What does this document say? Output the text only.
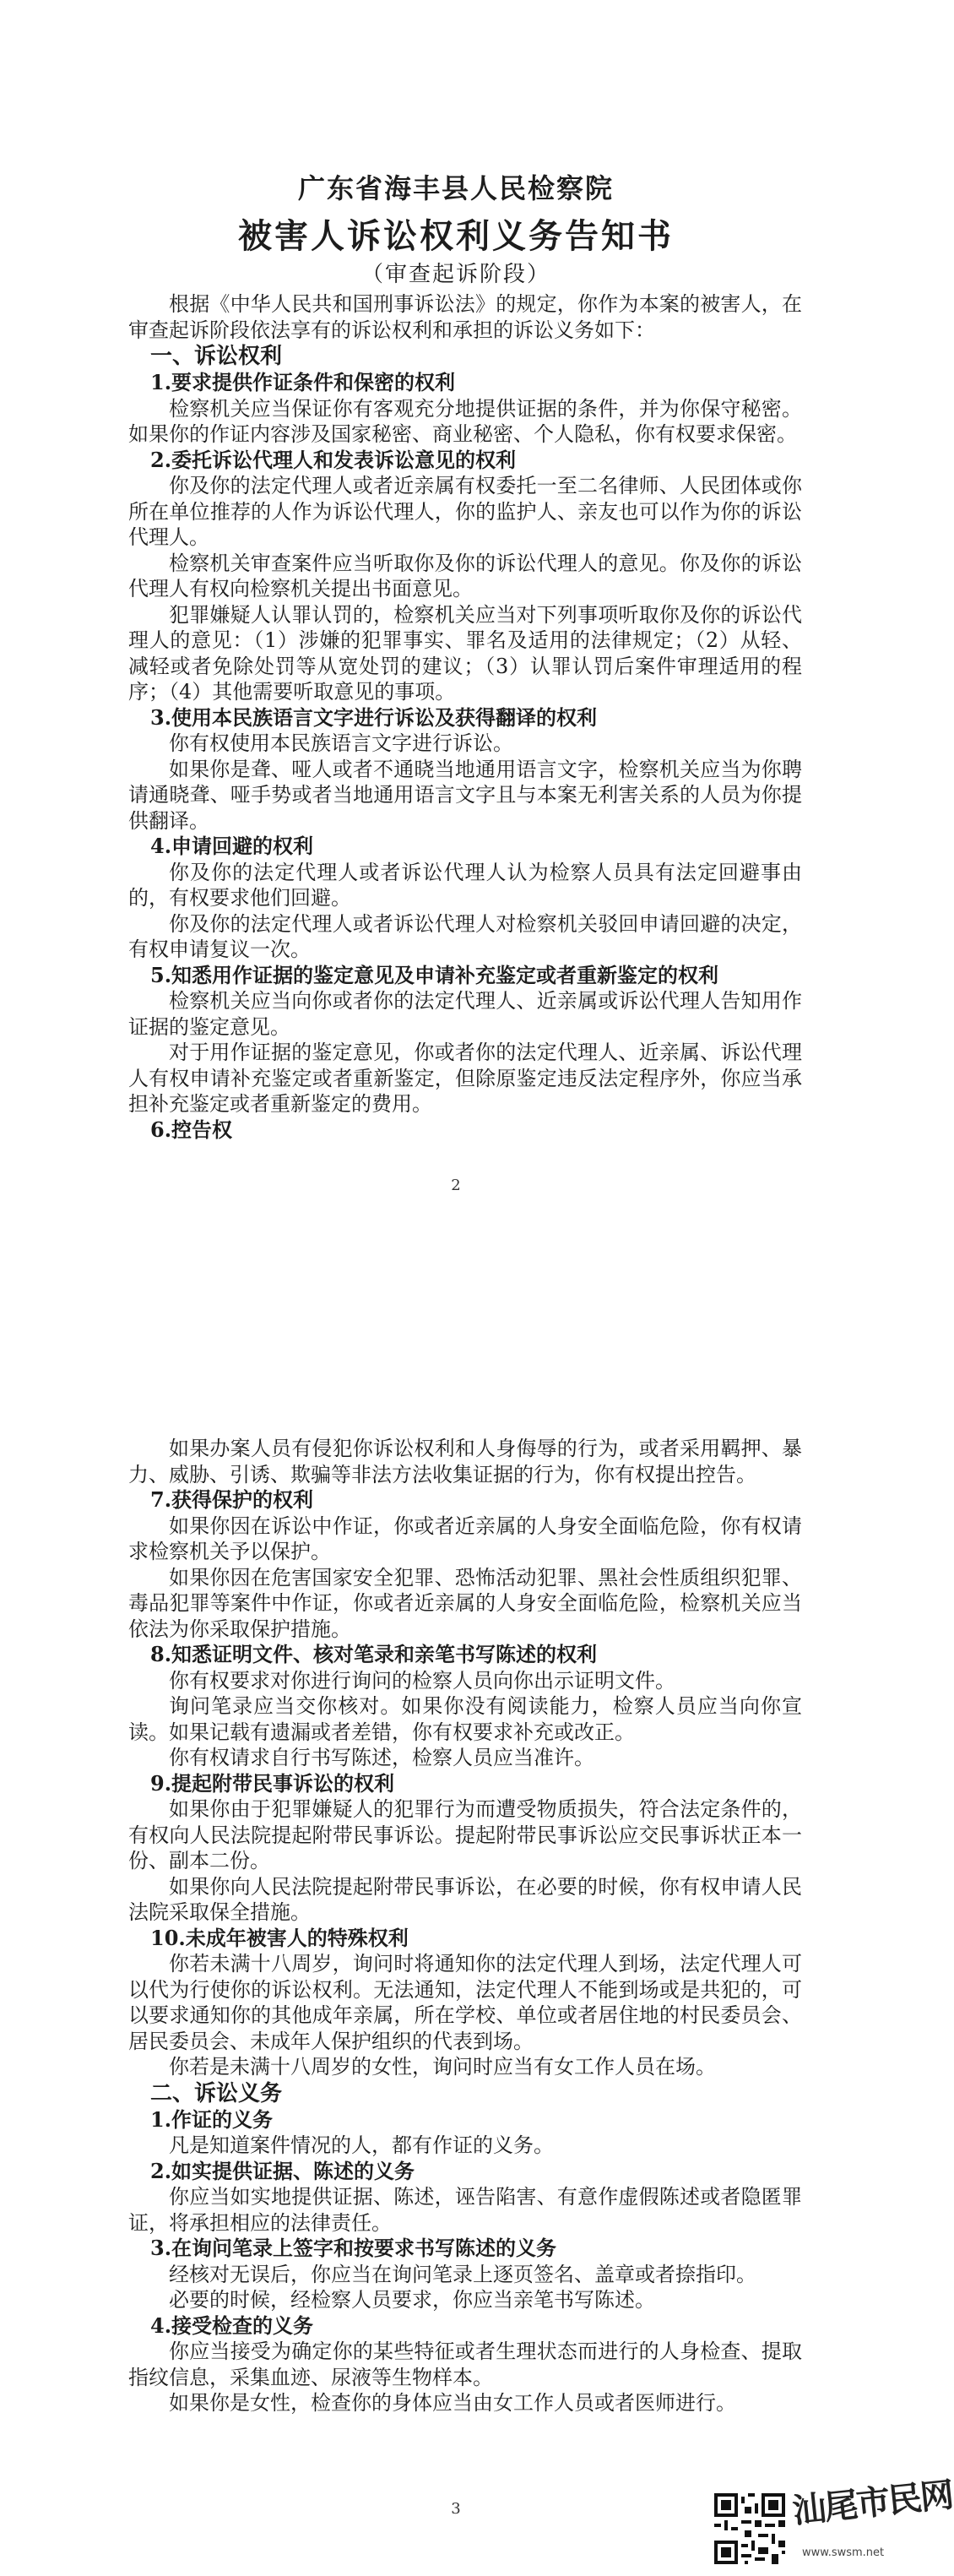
广东省海丰县人民检察院
被害人诉讼权利义务告知书
（审查起诉阶段）

根据《中华人民共和国刑事诉讼法》的规定，你作为本案的被害人，在审查起诉阶段依法享有的诉讼权利和承担的诉讼义务如下：

一、诉讼权利
1.要求提供作证条件和保密的权利

检察机关应当保证你有客观充分地提供证据的条件，并为你保守秘密。如果你的作证内容涉及国家秘密、商业秘密、个人隐私，你有权要求保密。

2.委托诉讼代理人和发表诉讼意见的权利

你及你的法定代理人或者近亲属有权委托一至二名律师、人民团体或你所在单位推荐的人作为诉讼代理人，你的监护人、亲友也可以作为你的诉讼代理人。

检察机关审查案件应当听取你及你的诉讼代理人的意见。你及你的诉讼代理人有权向检察机关提出书面意见。

犯罪嫌疑人认罪认罚的，检察机关应当对下列事项听取你及你的诉讼代理人的意见：（1）涉嫌的犯罪事实、罪名及适用的法律规定；（2）从轻、减轻或者免除处罚等从宽处罚的建议；（3）认罪认罚后案件审理适用的程序；（4）其他需要听取意见的事项。

3.使用本民族语言文字进行诉讼及获得翻译的权利

你有权使用本民族语言文字进行诉讼。

如果你是聋、哑人或者不通晓当地通用语言文字，检察机关应当为你聘请通晓聋、哑手势或者当地通用语言文字且与本案无利害关系的人员为你提供翻译。

4.申请回避的权利

你及你的法定代理人或者诉讼代理人认为检察人员具有法定回避事由的，有权要求他们回避。

你及你的法定代理人或者诉讼代理人对检察机关驳回申请回避的决定，有权申请复议一次。

5.知悉用作证据的鉴定意见及申请补充鉴定或者重新鉴定的权利

检察机关应当向你或者你的法定代理人、近亲属或诉讼代理人告知用作证据的鉴定意见。

对于用作证据的鉴定意见，你或者你的法定代理人、近亲属、诉讼代理人有权申请补充鉴定或者重新鉴定，但除原鉴定违反法定程序外，你应当承担补充鉴定或者重新鉴定的费用。

6.控告权
2

如果办案人员有侵犯你诉讼权利和人身侮辱的行为，或者采用羁押、暴力、威胁、引诱、欺骗等非法方法收集证据的行为，你有权提出控告。

7.获得保护的权利

如果你因在诉讼中作证，你或者近亲属的人身安全面临危险，你有权请求检察机关予以保护。

如果你因在危害国家安全犯罪、恐怖活动犯罪、黑社会性质组织犯罪、毒品犯罪等案件中作证，你或者近亲属的人身安全面临危险，检察机关应当依法为你采取保护措施。

8.知悉证明文件、核对笔录和亲笔书写陈述的权利

你有权要求对你进行询问的检察人员向你出示证明文件。

询问笔录应当交你核对。如果你没有阅读能力，检察人员应当向你宣读。如果记载有遗漏或者差错，你有权要求补充或改正。

你有权请求自行书写陈述，检察人员应当准许。

9.提起附带民事诉讼的权利

如果你由于犯罪嫌疑人的犯罪行为而遭受物质损失，符合法定条件的，有权向人民法院提起附带民事诉讼。提起附带民事诉讼应交民事诉状正本一份、副本二份。

如果你向人民法院提起附带民事诉讼，在必要的时候，你有权申请人民法院采取保全措施。

10.未成年被害人的特殊权利

你若未满十八周岁，询问时将通知你的法定代理人到场，法定代理人可以代为行使你的诉讼权利。无法通知，法定代理人不能到场或是共犯的，可以要求通知你的其他成年亲属，所在学校、单位或者居住地的村民委员会、居民委员会、未成年人保护组织的代表到场。

你若是未满十八周岁的女性，询问时应当有女工作人员在场。

二、诉讼义务
1.作证的义务

凡是知道案件情况的人，都有作证的义务。

2.如实提供证据、陈述的义务

你应当如实地提供证据、陈述，诬告陷害、有意作虚假陈述或者隐匿罪证，将承担相应的法律责任。

3.在询问笔录上签字和按要求书写陈述的义务

经核对无误后，你应当在询问笔录上逐页签名、盖章或者捺指印。

必要的时候，经检察人员要求，你应当亲笔书写陈述。

4.接受检查的义务

你应当接受为确定你的某些特征或者生理状态而进行的人身检查、提取指纹信息，采集血迹、尿液等生物样本。

如果你是女性，检查你的身体应当由女工作人员或者医师进行。

3	汕尾市民网
www.swsm.net
